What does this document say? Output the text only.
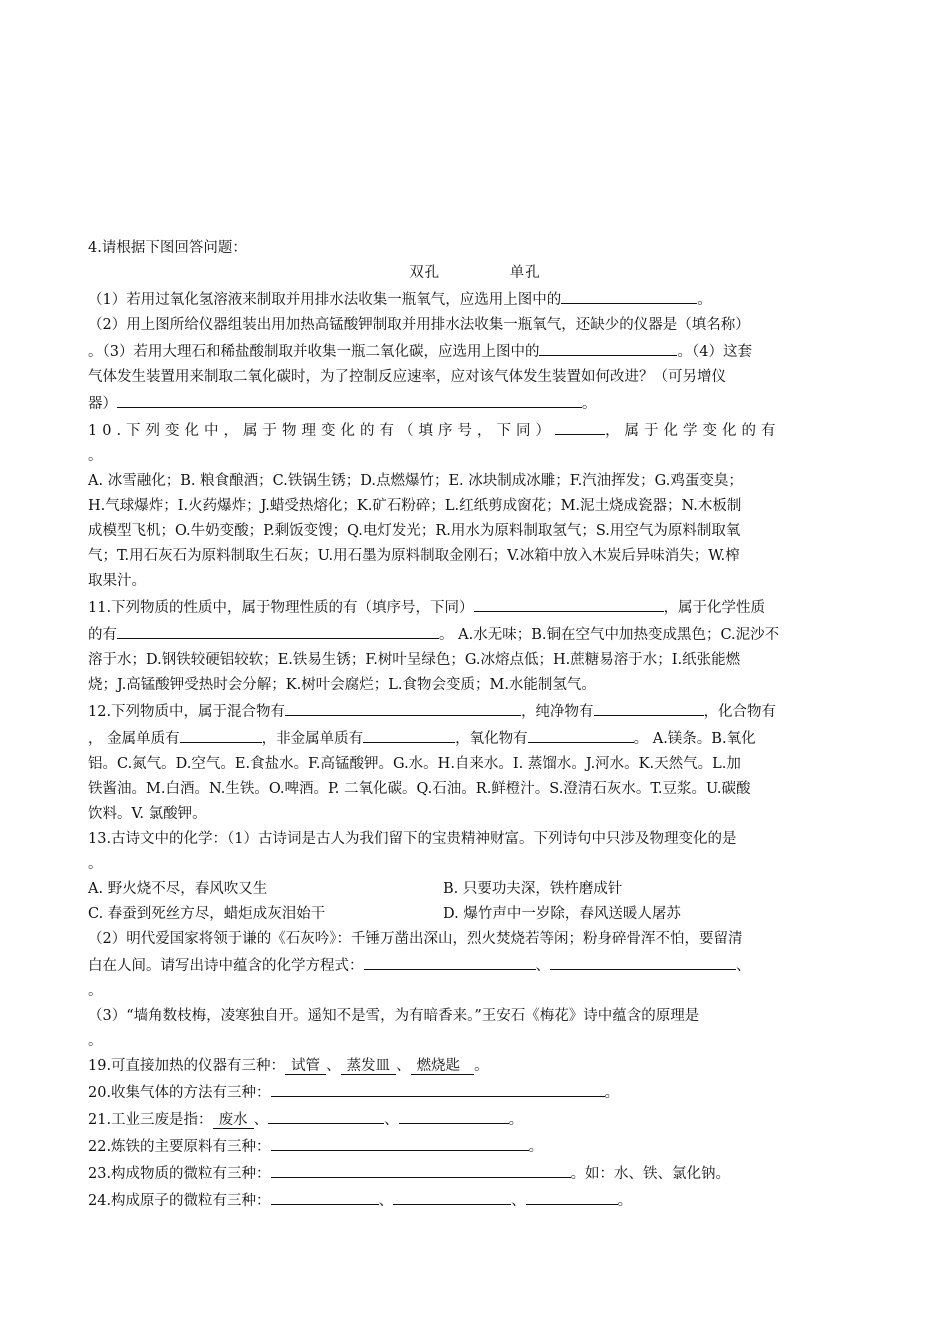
4.请根据下图回答问题：

双孔	单孔

（1）若用过氧化氢溶液来制取并用排水法收集一瓶氧气，应选用上图中的	。

（2）用上图所给仪器组装出用加热高锰酸钾制取并用排水法收集一瓶氧气，还缺少的仪器是（填名称）

。（3）若用大理石和稀盐酸制取并收集一瓶二氧化碳，应选用上图中的	。（4）这套

气体发生装置用来制取二氧化碳时，为了控制反应速率，应对该气体发生装置如何改进？（可另增仪

器）	。

10.下列变化中，属于物理变化的有（填序号，下同）	，属于化学变化的有

。

A. 冰雪融化；B. 粮食酿酒；C.铁锅生锈；D.点燃爆竹；E. 冰块制成冰雕；F.汽油挥发；G.鸡蛋变臭；

H.气球爆炸；I.火药爆炸；J.蜡受热熔化；K.矿石粉碎；L.红纸剪成窗花；M.泥土烧成瓷器；N.木板制

成模型飞机；O.牛奶变酸；P.剩饭变馊；Q.电灯发光；R.用水为原料制取氢气；S.用空气为原料制取氧

气；T.用石灰石为原料制取生石灰；U.用石墨为原料制取金刚石；V.冰箱中放入木炭后异味消失；W.榨

取果汁。

11.下列物质的性质中，属于物理性质的有（填序号，下同）	，属于化学性质

的有	。 A.水无味；B.铜在空气中加热变成黑色；C.泥沙不

溶于水；D.钢铁较硬铝较软；E.铁易生锈；F.树叶呈绿色；G.冰熔点低；H.蔗糖易溶于水；I.纸张能燃

烧；J.高锰酸钾受热时会分解；K.树叶会腐烂；L.食物会变质；M.水能制氢气。

12.下列物质中，属于混合物有	，纯净物有	，化合物有

， 金属单质有	，非金属单质有	，氧化物有	。 A.镁条。B.氧化

铝。C.氮气。D.空气。E.食盐水。F.高锰酸钾。G.水。H.自来水。I. 蒸馏水。J.河水。K.天然气。L.加

铁酱油。M.白酒。N.生铁。O.啤酒。P. 二氧化碳。Q.石油。R.鲜橙汁。S.澄清石灰水。T.豆浆。U.碳酸

饮料。V. 氯酸钾。

13.古诗文中的化学：（1）古诗词是古人为我们留下的宝贵精神财富。下列诗句中只涉及物理变化的是

。

A. 野火烧不尽，春风吹又生	B. 只要功夫深，铁杵磨成针

C. 春蚕到死丝方尽，蜡炬成灰泪始干	D. 爆竹声中一岁除，春风送暖人屠苏

（2）明代爱国家将领于谦的《石灰吟》：千锤万凿出深山，烈火焚烧若等闲；粉身碎骨浑不怕，要留清

白在人间。请写出诗中蕴含的化学方程式：	、	、

。

（3）“墙角数枝梅，凌寒独自开。遥知不是雪，为有暗香来。”王安石《梅花》诗中蕴含的原理是

。

19.可直接加热的仪器有三种： 试管 、 蒸发皿 、 燃烧匙 。

20.收集气体的方法有三种：	。

21.工业三废是指： 废水 、	、	。

22.炼铁的主要原料有三种：	。

23.构成物质的微粒有三种：	。如：水、铁、氯化钠。

24.构成原子的微粒有三种：	、	、	。
